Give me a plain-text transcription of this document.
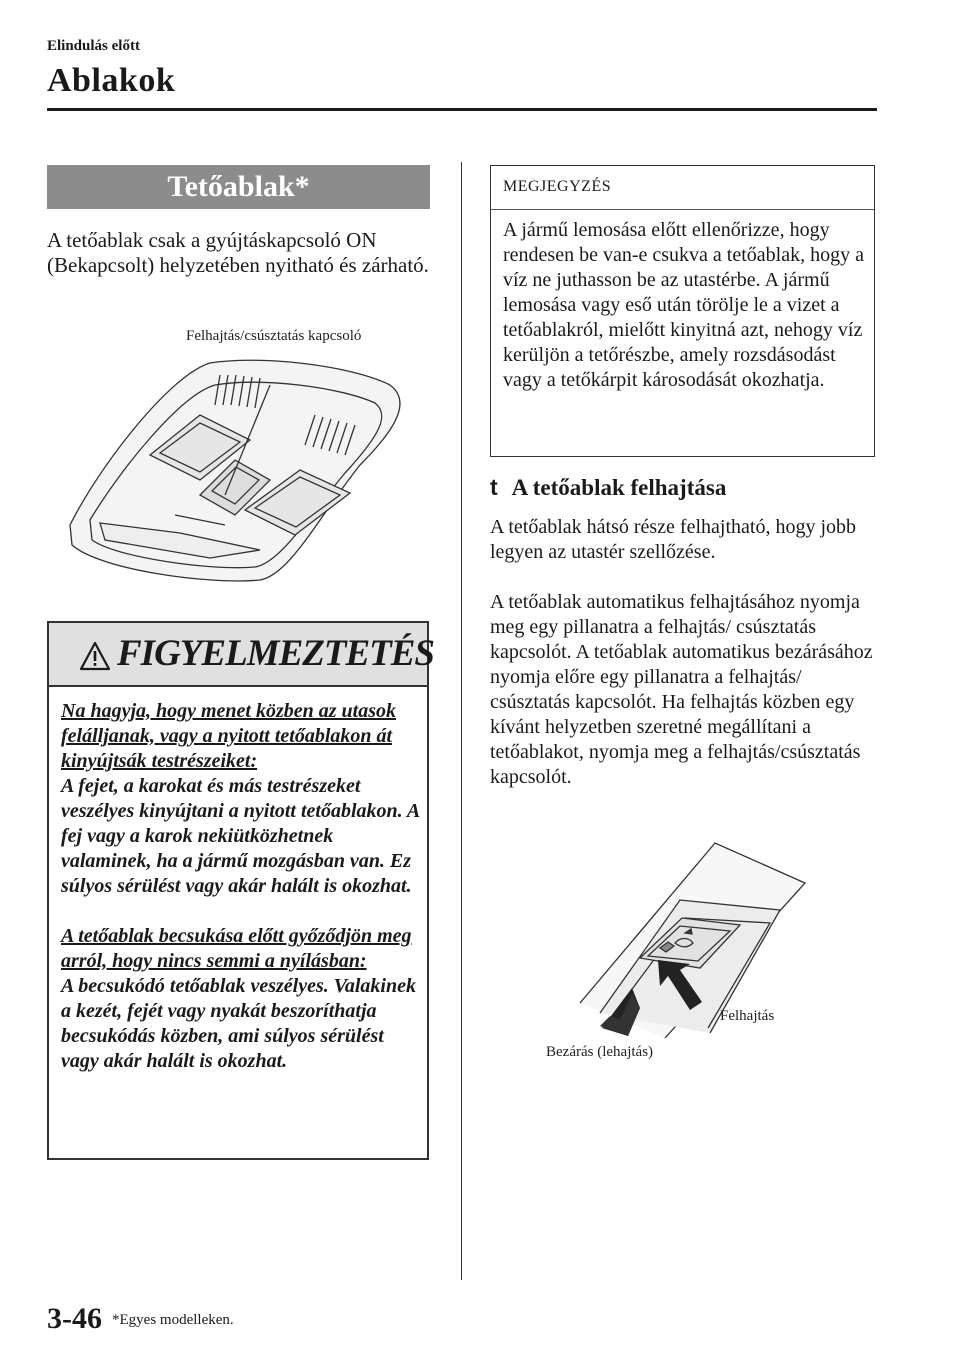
Elindulás előtt
Ablakok
Tetőablak*
A tetőablak csak a gyújtáskapcsoló ON (Bekapcsolt) helyzetében nyitható és zárható.
Felhajtás/csúsztatás kapcsoló
FIGYELMEZTETÉS

Na hagyja, hogy menet közben az utasok felálljanak, vagy a nyitott tetőablakon át kinyújtsák testrészeiket:
A fejet, a karokat és más testrészeket veszélyes kinyújtani a nyitott tetőablakon. A fej vagy a karok nekiütközhetnek valaminek, ha a jármű mozgásban van. Ez súlyos sérülést vagy akár halált is okozhat.

A tetőablak becsukása előtt győződjön meg arról, hogy nincs semmi a nyílásban:
A becsukódó tetőablak veszélyes. Valakinek a kezét, fejét vagy nyakát beszoríthatja becsukódás közben, ami súlyos sérülést vagy akár halált is okozhat.

MEGJEGYZÉS
A jármű lemosása előtt ellenőrizze, hogy rendesen be van-e csukva a tetőablak, hogy a víz ne juthasson be az utastérbe. A jármű lemosása vagy eső után törölje le a vizet a tetőablakról, mielőtt kinyitná azt, nehogy víz kerüljön a tetőrészbe, amely rozsdásodást vagy a tetőkárpit károsodását okozhatja.
t A tetőablak felhajtása
A tetőablak hátsó része felhajtható, hogy jobb legyen az utastér szellőzése.
A tetőablak automatikus felhajtásához nyomja meg egy pillanatra a felhajtás/ csúsztatás kapcsolót. A tetőablak automatikus bezárásához nyomja előre egy pillanatra a felhajtás/ csúsztatás kapcsolót. Ha felhajtás közben egy kívánt helyzetben szeretné megállítani a tetőablakot, nyomja meg a felhajtás/csúsztatás kapcsolót.
Felhajtás
Bezárás (lehajtás)
3-46 *Egyes modelleken.
